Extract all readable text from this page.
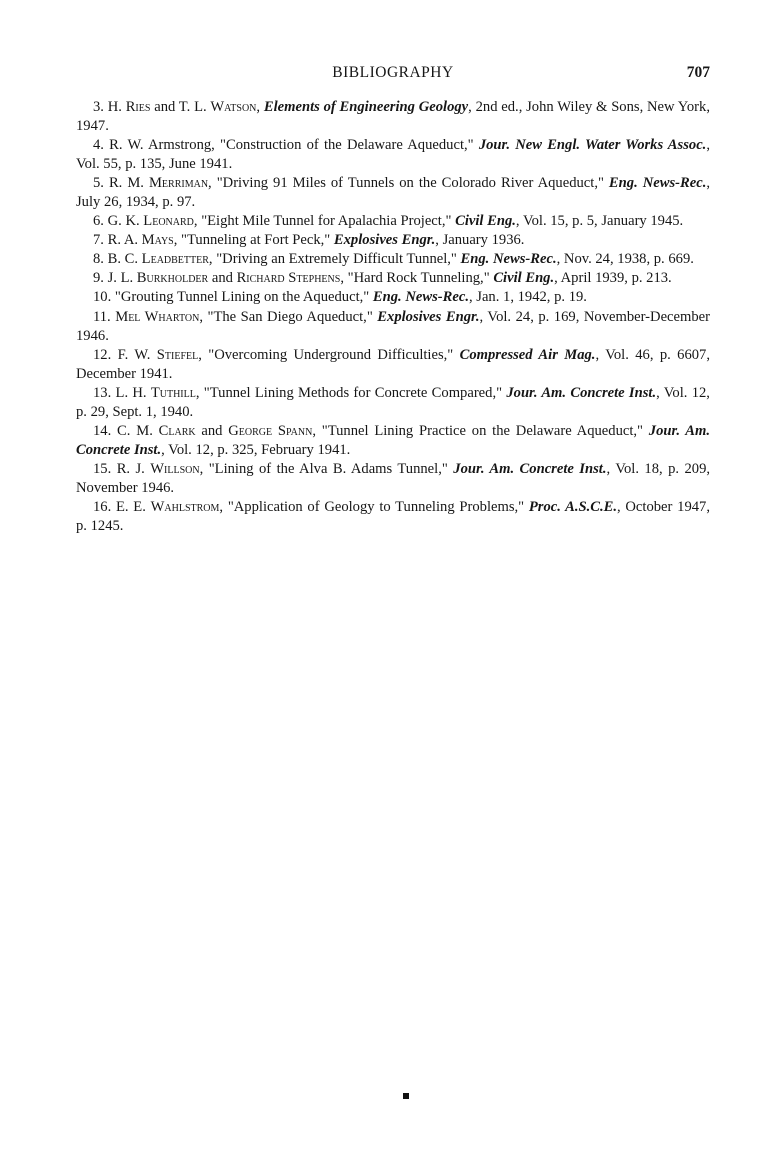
BIBLIOGRAPHY	707

3. H. Ries and T. L. Watson, Elements of Engineering Geology, 2nd ed., John Wiley & Sons, New York, 1947.

4. R. W. Armstrong, "Construction of the Delaware Aqueduct," Jour. New Engl. Water Works Assoc., Vol. 55, p. 135, June 1941.

5. R. M. Merriman, "Driving 91 Miles of Tunnels on the Colorado River Aqueduct," Eng. News-Rec., July 26, 1934, p. 97.

6. G. K. Leonard, "Eight Mile Tunnel for Apalachia Project," Civil Eng., Vol. 15, p. 5, January 1945.

7. R. A. Mays, "Tunneling at Fort Peck," Explosives Engr., January 1936.

8. B. C. Leadbetter, "Driving an Extremely Difficult Tunnel," Eng. News-Rec., Nov. 24, 1938, p. 669.

9. J. L. Burkholder and Richard Stephens, "Hard Rock Tunneling," Civil Eng., April 1939, p. 213.

10. "Grouting Tunnel Lining on the Aqueduct," Eng. News-Rec., Jan. 1, 1942, p. 19.

11. Mel Wharton, "The San Diego Aqueduct," Explosives Engr., Vol. 24, p. 169, November-December 1946.

12. F. W. Stiefel, "Overcoming Underground Difficulties," Compressed Air Mag., Vol. 46, p. 6607, December 1941.

13. L. H. Tuthill, "Tunnel Lining Methods for Concrete Compared," Jour. Am. Concrete Inst., Vol. 12, p. 29, Sept. 1, 1940.

14. C. M. Clark and George Spann, "Tunnel Lining Practice on the Delaware Aqueduct," Jour. Am. Concrete Inst., Vol. 12, p. 325, February 1941.

15. R. J. Willson, "Lining of the Alva B. Adams Tunnel," Jour. Am. Concrete Inst., Vol. 18, p. 209, November 1946.

16. E. E. Wahlstrom, "Application of Geology to Tunneling Problems," Proc. A.S.C.E., October 1947, p. 1245.
